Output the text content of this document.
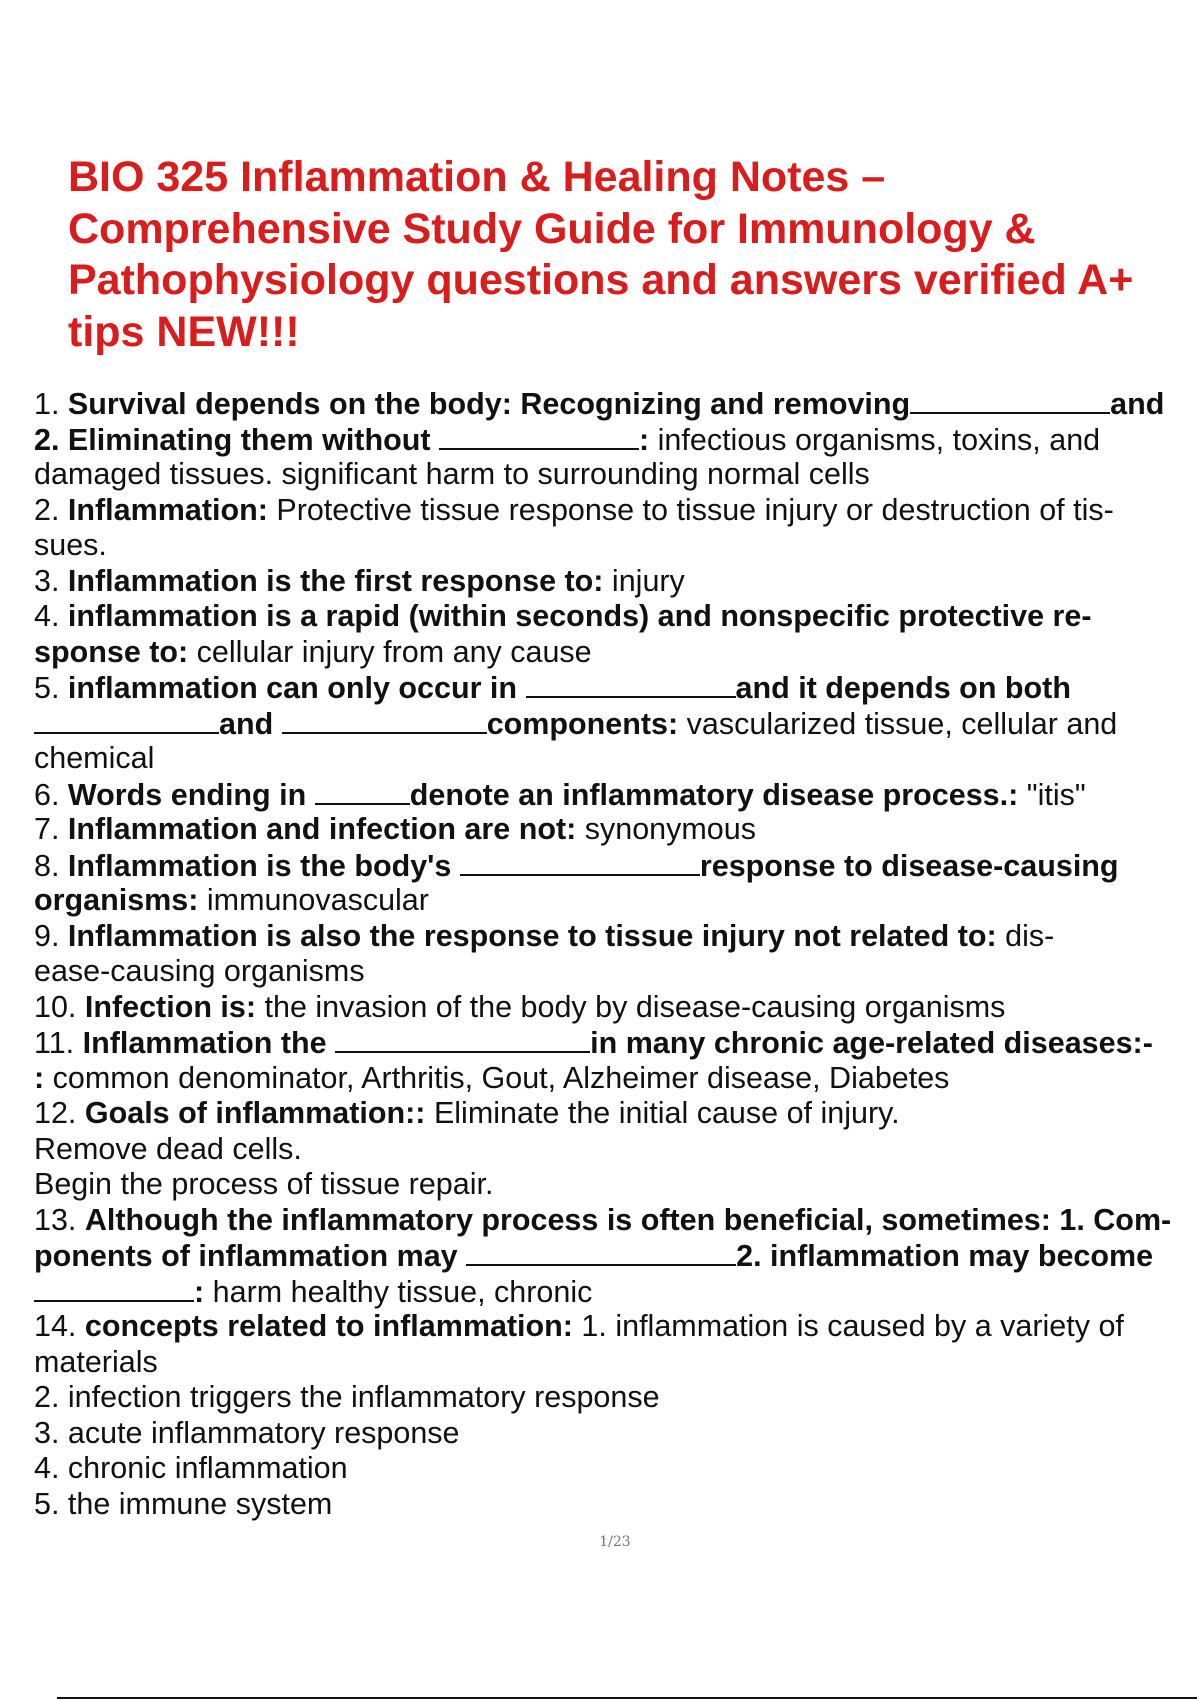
BIO 325 Inflammation & Healing Notes –
Comprehensive Study Guide for Immunology &
Pathophysiology questions and answers verified A+
tips NEW!!!
1. Survival depends on the body: Recognizing and removing	and
2. Eliminating them without	: infectious organisms, toxins, and
damaged tissues. significant harm to surrounding normal cells
2. Inflammation: Protective tissue response to tissue injury or destruction of tis-
sues.
3. Inflammation is the first response to: injury
4. inflammation is a rapid (within seconds) and nonspecific protective re-
sponse to: cellular injury from any cause
5. inflammation can only occur in	and it depends on both
and	components: vascularized tissue, cellular and
chemical
6. Words ending in	denote an inflammatory disease process.: "itis"
7. Inflammation and infection are not: synonymous
8. Inflammation is the body's	response to disease-causing
organisms: immunovascular
9. Inflammation is also the response to tissue injury not related to: dis-
ease-causing organisms
10. Infection is: the invasion of the body by disease-causing organisms
11. Inflammation the	in many chronic age-related diseases:-
: common denominator, Arthritis, Gout, Alzheimer disease, Diabetes
12. Goals of inflammation:: Eliminate the initial cause of injury.
Remove dead cells.
Begin the process of tissue repair.
13. Although the inflammatory process is often beneficial, sometimes: 1. Com-
ponents of inflammation may	2. inflammation may become
: harm healthy tissue, chronic
14. concepts related to inflammation: 1. inflammation is caused by a variety of
materials
2. infection triggers the inflammatory response
3. acute inflammatory response
4. chronic inflammation
5. the immune system
1/23
